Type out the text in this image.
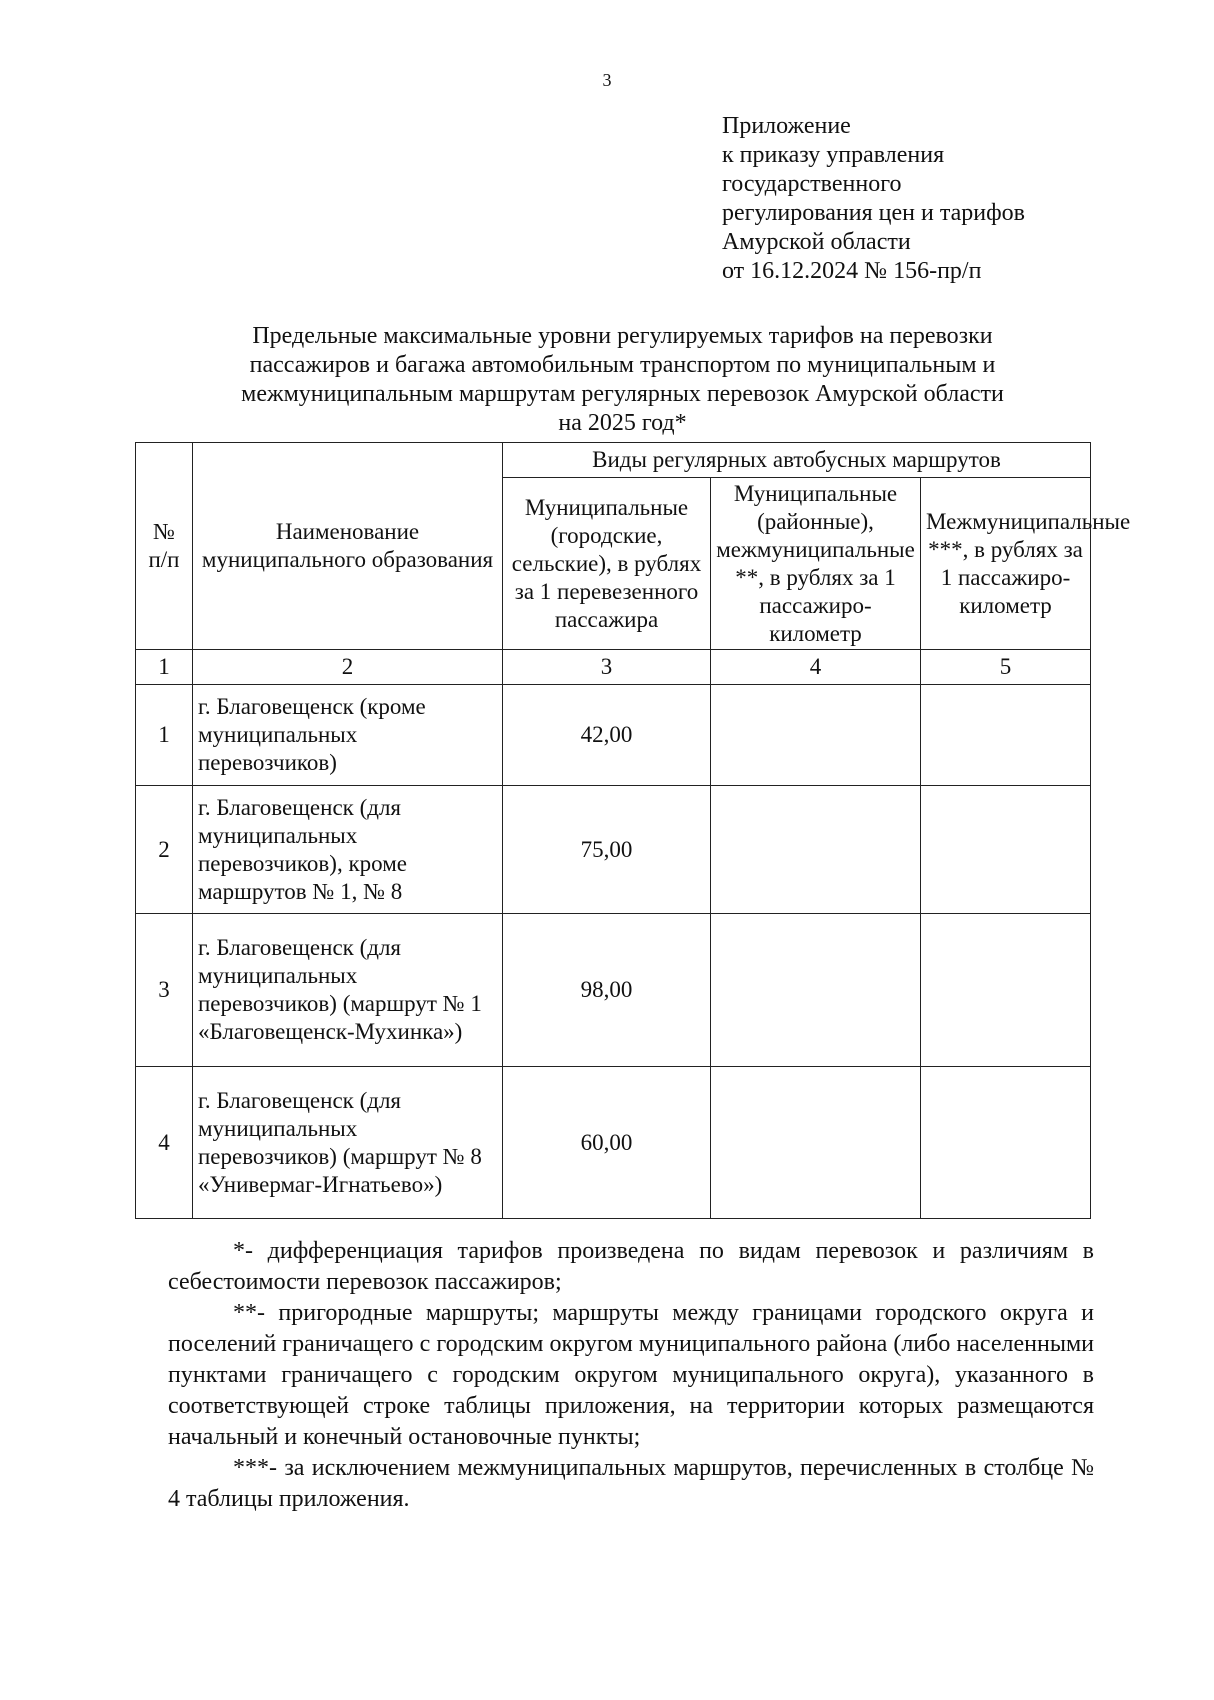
3
Приложение
к приказу управления
государственного
регулирования цен и тарифов
Амурской области
от 16.12.2024 № 156-пр/п
Предельные максимальные уровни регулируемых тарифов на перевозки
пассажиров и багажа автомобильным транспортом по муниципальным и
межмуниципальным маршрутам регулярных перевозок Амурской области
на 2025 год*
№ п/п	Наименование муниципального образования	Виды регулярных автобусных маршрутов		
		Муниципальные (городские, сельские), в рублях за 1 перевезенного пассажира	Муниципальные (районные), межмуниципальные **, в рублях за 1 пассажиро-километр	Межмуниципальные ***, в рублях за 1 пассажиро-километр
1	2	3	4	5
1	г. Благовещенск (кроме муниципальных перевозчиков)	42,00		
2	г. Благовещенск (для муниципальных перевозчиков), кроме маршрутов № 1, № 8	75,00		
3	г. Благовещенск (для муниципальных перевозчиков) (маршрут № 1 «Благовещенск-Мухинка»)	98,00		
4	г. Благовещенск (для муниципальных перевозчиков) (маршрут № 8 «Универмаг-Игнатьево»)	60,00		

*- дифференциация тарифов произведена по видам перевозок и различиям в себестоимости перевозок пассажиров;

**- пригородные маршруты; маршруты между границами городского округа и поселений граничащего с городским округом муниципального района (либо населенными пунктами граничащего с городским округом муниципального округа), указанного в соответствующей строке таблицы приложения, на территории которых размещаются начальный и конечный остановочные пункты;

***- за исключением межмуниципальных маршрутов, перечисленных в столбце № 4 таблицы приложения.
